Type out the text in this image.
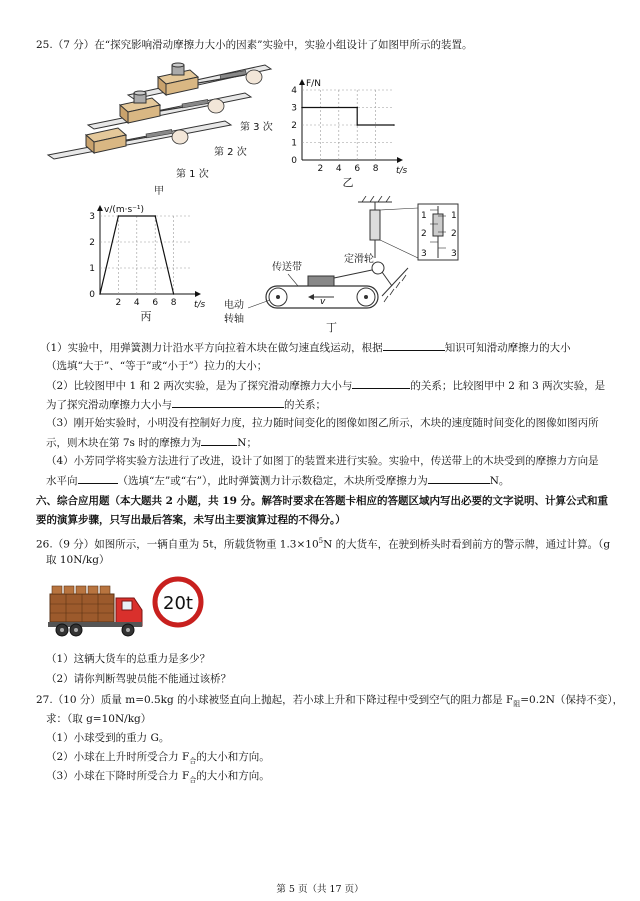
25.（7 分）在“探究影响滑动摩擦力大小的因素”实验中，实验小组设计了如图甲所示的装置。
第 3 次
第 2 次
第 1 次
甲
2 4 6 8
0
1
2
3
4
F/N
t/s
乙
2 4 6 8
0
1
2
3
v/(m·s⁻¹)
t/s
丙
1
2
3
1
2
3
定滑轮
v
传送带
电动
转轴
丁
（1）实验中，用弹簧测力计沿水平方向拉着木块在做匀速直线运动，根据	知识可知滑动摩擦力的大小
（选填“大于”、“等于”或“小于”）拉力的大小；
（2）比较图甲中 1 和 2 两次实验，是为了探究滑动摩擦力大小与	的关系；比较图甲中 2 和 3 两次实验，是
为了探究滑动摩擦力大小与	的关系；
（3）刚开始实验时，小明没有控制好力度，拉力随时间变化的图像如图乙所示，木块的速度随时间变化的图像如图丙所
示，则木块在第 7s 时的摩擦力为	N；
（4）小芳同学将实验方法进行了改进，设计了如图丁的装置来进行实验。实验中，传送带上的木块受到的摩擦力方向是
水平向	（选填“左”或“右”），此时弹簧测力计示数稳定，木块所受摩擦力为	N。
六、综合应用题（本大题共 2 小题，共 19 分。解答时要求在答题卡相应的答题区域内写出必要的文字说明、计算公式和重
要的演算步骤，只写出最后答案，未写出主要演算过程的不得分。）
26.（9 分）如图所示，一辆自重为 5t，所载货物重 $1.3\times 10^5N$ 的大货车，在驶到桥头时看到前方的警示牌，通过计算。（g
取 10N/kg）
20t
（1）这辆大货车的总重力是多少？
（2）请你判断驾驶员能不能通过该桥？
27.（10 分）质量 m=0.5kg 的小球被竖直向上抛起，若小球上升和下降过程中受到空气的阻力都是 $F_阻=0.2N$（保持不变），
求：（取 g=10N/kg）
（1）小球受到的重力 G。
（2）小球在上升时所受合力 $F_合$的大小和方向。
（3）小球在下降时所受合力 $F_合$的大小和方向。
第 5 页（共 17 页）
